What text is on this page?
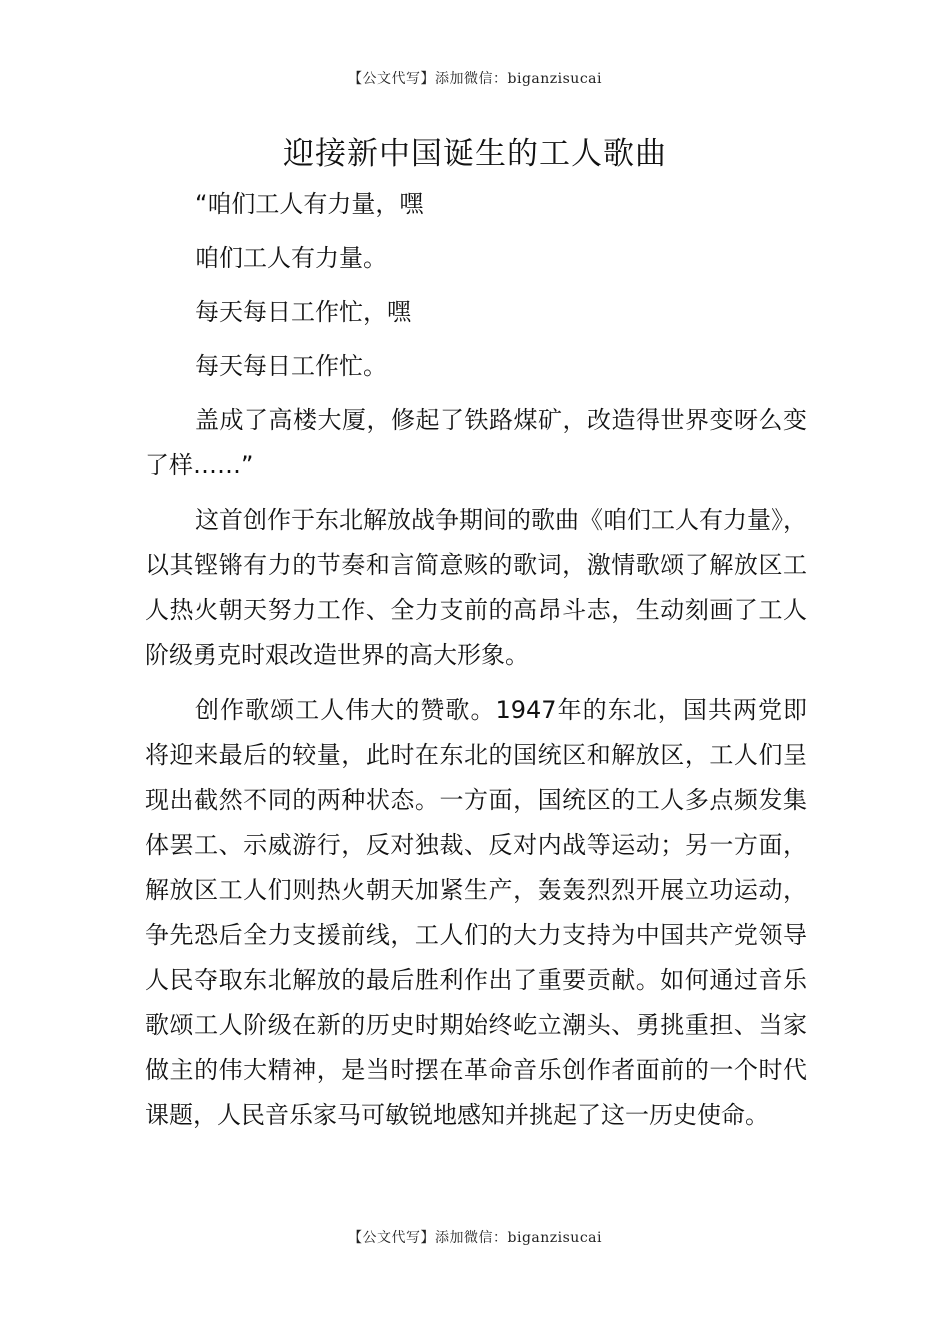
【公文代写】添加微信：biganzisucai
迎接新中国诞生的工人歌曲

“咱们工人有力量，嘿

咱们工人有力量。

每天每日工作忙，嘿

每天每日工作忙。

盖成了高楼大厦，修起了铁路煤矿，改造得世界变呀么变了样……”

这首创作于东北解放战争期间的歌曲《咱们工人有力量》，以其铿锵有力的节奏和言简意赅的歌词，激情歌颂了解放区工人热火朝天努力工作、全力支前的高昂斗志，生动刻画了工人阶级勇克时艰改造世界的高大形象。

创作歌颂工人伟大的赞歌。1947年的东北，国共两党即将迎来最后的较量，此时在东北的国统区和解放区，工人们呈现出截然不同的两种状态。一方面，国统区的工人多点频发集体罢工、示威游行，反对独裁、反对内战等运动；另一方面，解放区工人们则热火朝天加紧生产，轰轰烈烈开展立功运动，争先恐后全力支援前线，工人们的大力支持为中国共产党领导人民夺取东北解放的最后胜利作出了重要贡献。如何通过音乐歌颂工人阶级在新的历史时期始终屹立潮头、勇挑重担、当家做主的伟大精神，是当时摆在革命音乐创作者面前的一个时代课题，人民音乐家马可敏锐地感知并挑起了这一历史使命。

【公文代写】添加微信：biganzisucai
